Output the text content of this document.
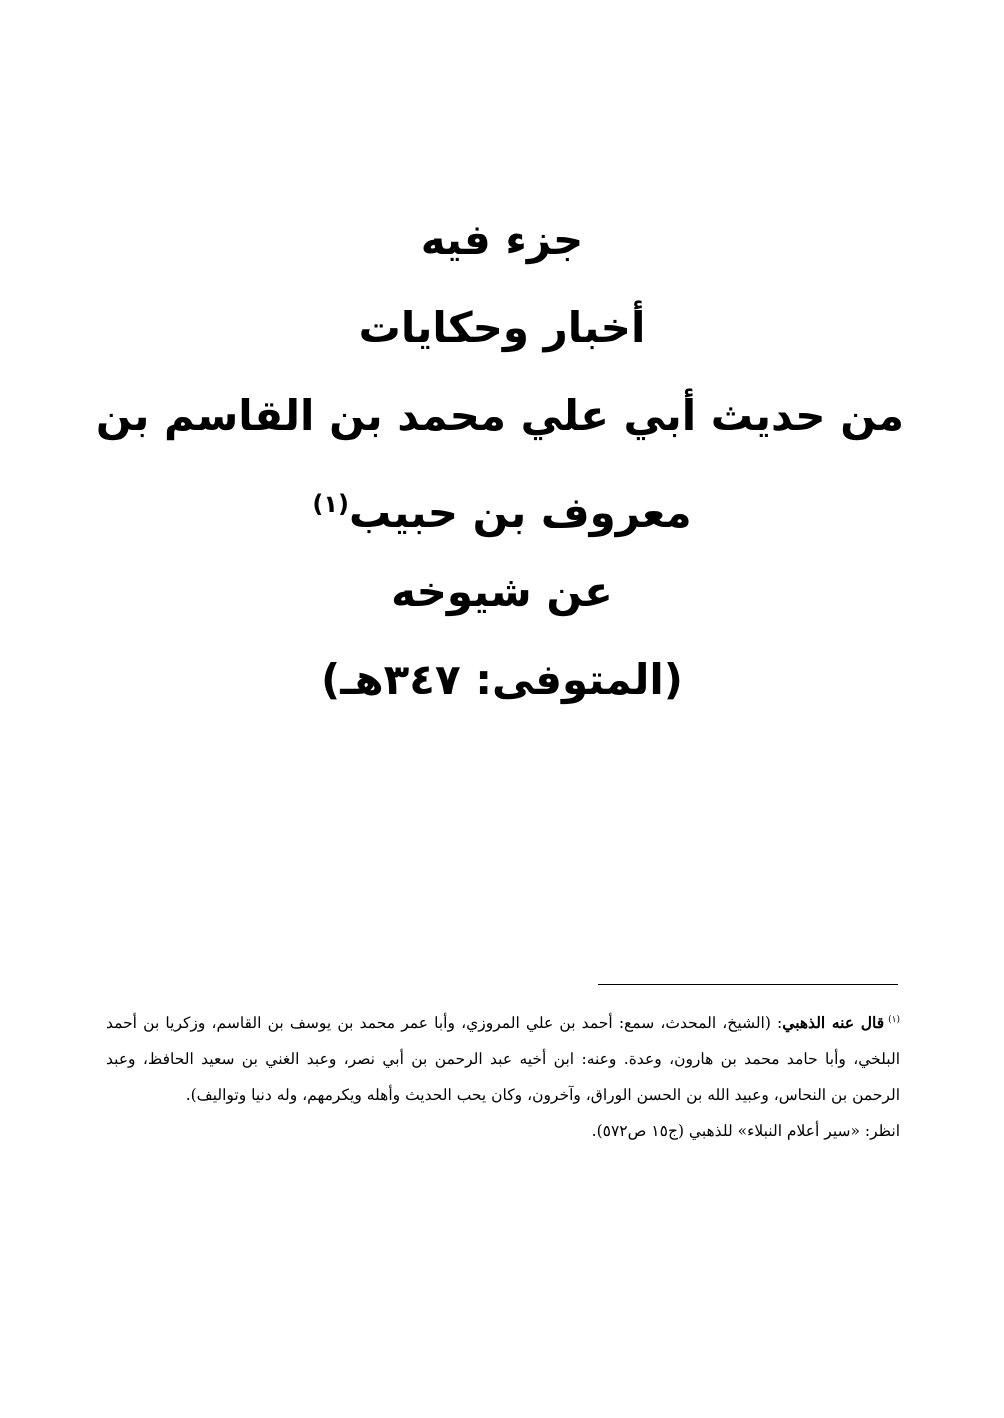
جزء فيه
أخبار وحكايات
من حديث أبي علي محمد بن القاسم بن
معروف بن حبيب$^{(١)}$
عن شيوخه
(المتوفى: ٣٤٧هـ)

$^{(١)}$قال عنه الذهبي: (الشيخ، المحدث، سمع: أحمد بن علي المروزي، وأبا عمر محمد بن يوسف بن القاسم، وزكريا بن أحمد البلخي، وأبا حامد محمد بن هارون، وعدة. وعنه: ابن أخيه عبد الرحمن بن أبي نصر، وعبد الغني بن سعيد الحافظ، وعبد الرحمن بن النحاس، وعبيد الله بن الحسن الوراق، وآخرون، وكان يحب الحديث وأهله ويكرمهم، وله دنيا وتواليف).

انظر: «سير أعلام النبلاء» للذهبي (ج١٥ ص٥٧٢).
